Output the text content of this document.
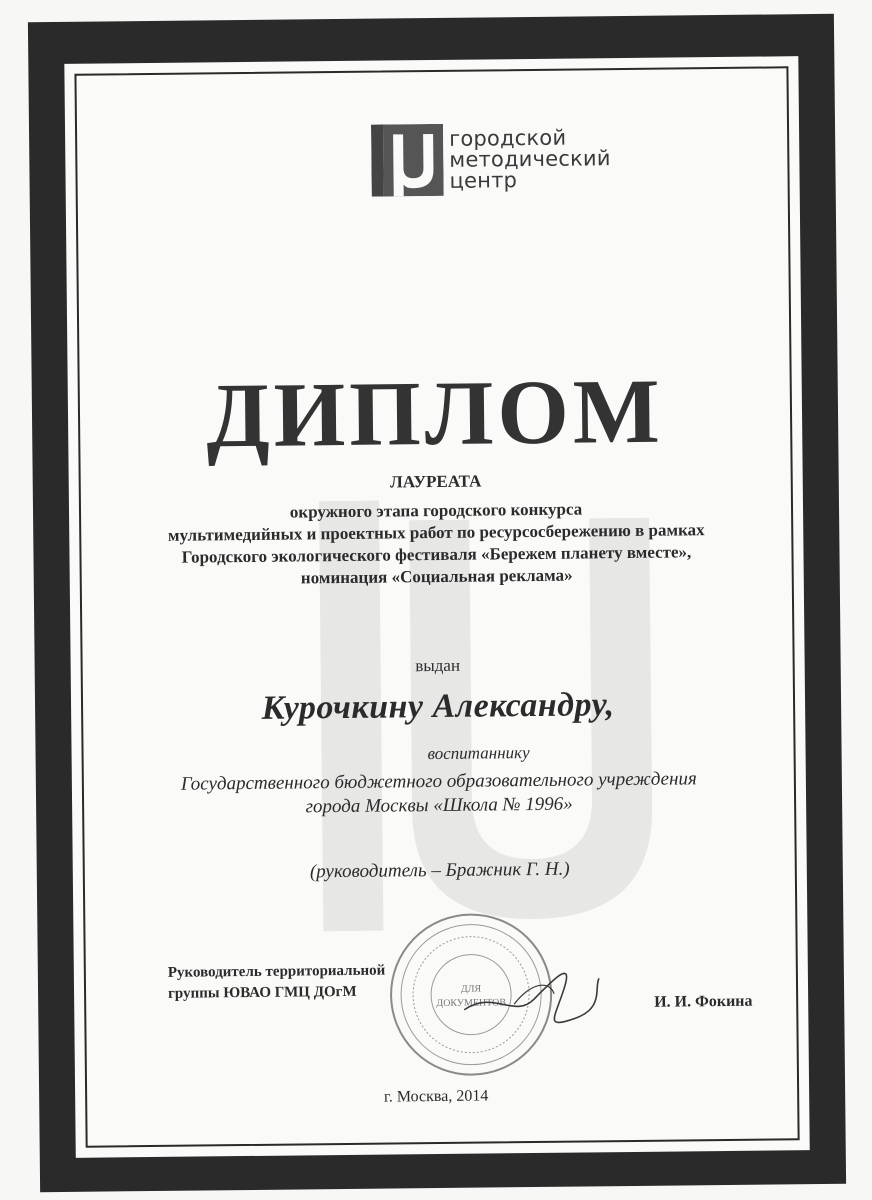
городской
методический
центр
ДИПЛОМ
ЛАУРЕАТА
окружного этапа городского конкурса
мультимедийных и проектных работ по ресурсосбережению в рамках
Городского экологического фестиваля «Бережем планету вместе»,
номинация «Социальная реклама»
выдан
Курочкину Александру,
воспитаннику
Государственного бюджетного образовательного учреждения
города Москвы «Школа № 1996»
(руководитель – Бражник Г. Н.)
Руководитель территориальной
группы ЮВАО ГМЦ ДОгМ	ДЛЯ
ДОКУМЕНТОВ	И. И. Фокина
г. Москва, 2014
